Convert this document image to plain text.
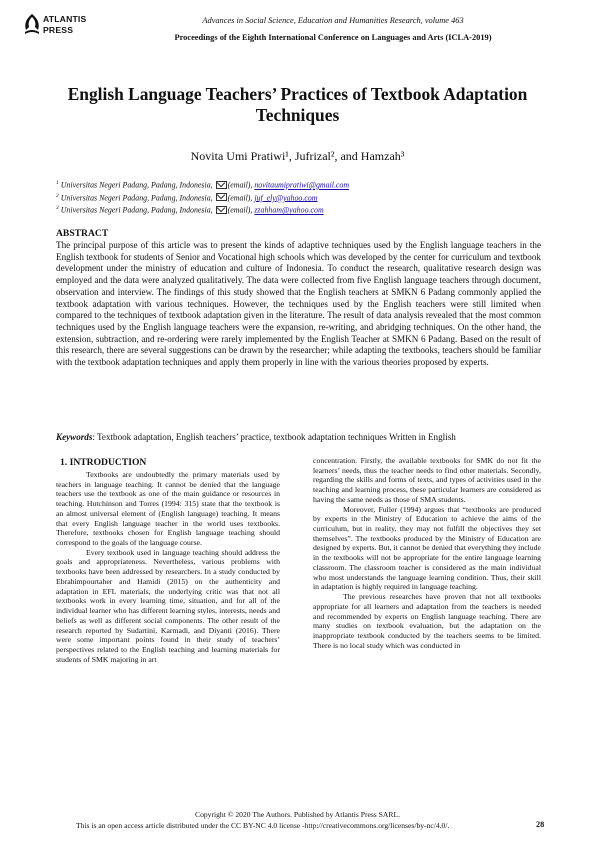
ATLANTIS
PRESS
Advances in Social Science, Education and Humanities Research, volume 463
Proceedings of the Eighth International Conference on Languages and Arts (ICLA-2019)
English Language Teachers’ Practices of Textbook Adaptation Techniques
Novita Umi Pratiwi¹, Jufrizal², and Hamzah³
$^1$ Universitas Negeri Padang, Padang, Indonesia, (email), novitaumipratiwi@gmail.com
$^2$ Universitas Negeri Padang, Padang, Indonesia, (email), juf_ely@yahoo.com
$^3$ Universitas Negeri Padang, Padang, Indonesia, (email), zzahham@yahoo.com
ABSTRACT
The principal purpose of this article was to present the kinds of adaptive techniques used by the English language teachers in the English textbook for students of Senior and Vocational high schools which was developed by the center for curriculum and textbook development under the ministry of education and culture of Indonesia. To conduct the research, qualitative research design was employed and the data were analyzed qualitatively. The data were collected from five English language teachers through document, observation and interview. The findings of this study showed that the English teachers at SMKN 6 Padang commonly applied the textbook adaptation with various techniques. However, the techniques used by the English teachers were still limited when compared to the techniques of textbook adaptation given in the literature. The result of data analysis revealed that the most common techniques used by the English language teachers were the expansion, re-writing, and abridging techniques. On the other hand, the extension, subtraction, and re-ordering were rarely implemented by the English Teacher at SMKN 6 Padang. Based on the result of this research, there are several suggestions can be drawn by the researcher; while adapting the textbooks, teachers should be familiar with the textbook adaptation techniques and apply them properly in line with the various theories proposed by experts.
Keywords: Textbook adaptation, English teachers’ practice, textbook adaptation techniques Written in English
1. INTRODUCTION

Textbooks are undoubtedly the primary materials used by teachers in language teaching. It cannot be denied that the language teachers use the textbook as one of the main guidance or resources in teaching. Hutchinson and Torres (1994: 315) state that the textbook is an almost universal element of (English language) teaching. It means that every English language teacher in the world uses textbooks. Therefore, textbooks chosen for English language teaching should correspond to the goals of the language course.

Every textbook used in language teaching should address the goals and appropriateness. Nevertheless, various problems with textbooks have been addressed by researchers. In a study conducted by Ebrahimpourtaher and Hamidi (2015) on the authenticity and adaptation in EFL materials, the underlying critic was that not all textbooks work in every learning time, situation, and for all of the individual learner who has different learning styles, interests, needs and beliefs as well as different social components. The other result of the research reported by Sudartini, Karmadi, and Diyanti (2016). There were some important points found in their study of teachers’ perspectives related to the English teaching and learning materials for students of SMK majoring in art

concentration. Firstly, the available textbooks for SMK do not fit the learners’ needs, thus the teacher needs to find other materials. Secondly, regarding the skills and forms of texts, and types of activities used in the teaching and learning process, these particular learners are considered as having the same needs as those of SMA students.

Moreover, Fuller (1994) argues that “textbooks are produced by experts in the Ministry of Education to achieve the aims of the curriculum, but in reality, they may not fulfill the objectives they set themselves”. The textbooks produced by the Ministry of Education are designed by experts. But, it cannot be denied that everything they include in the textbooks will not be appropriate for the entire language learning classroom. The classroom teacher is considered as the main individual who most understands the language learning condition. Thus, their skill in adaptation is highly required in language teaching.

The previous researches have proven that not all textbooks appropriate for all learners and adaptation from the teachers is needed and recommended by experts on English language teaching. There are many studies on textbook evaluation, but the adaptation on the inappropriate textbook conducted by the teachers seems to be limited. There is no local study which was conducted in

Copyright © 2020 The Authors. Published by Atlantis Press SARL.
This is an open access article distributed under the CC BY-NC 4.0 license -http://creativecommons.org/licenses/by-nc/4.0/.	28
